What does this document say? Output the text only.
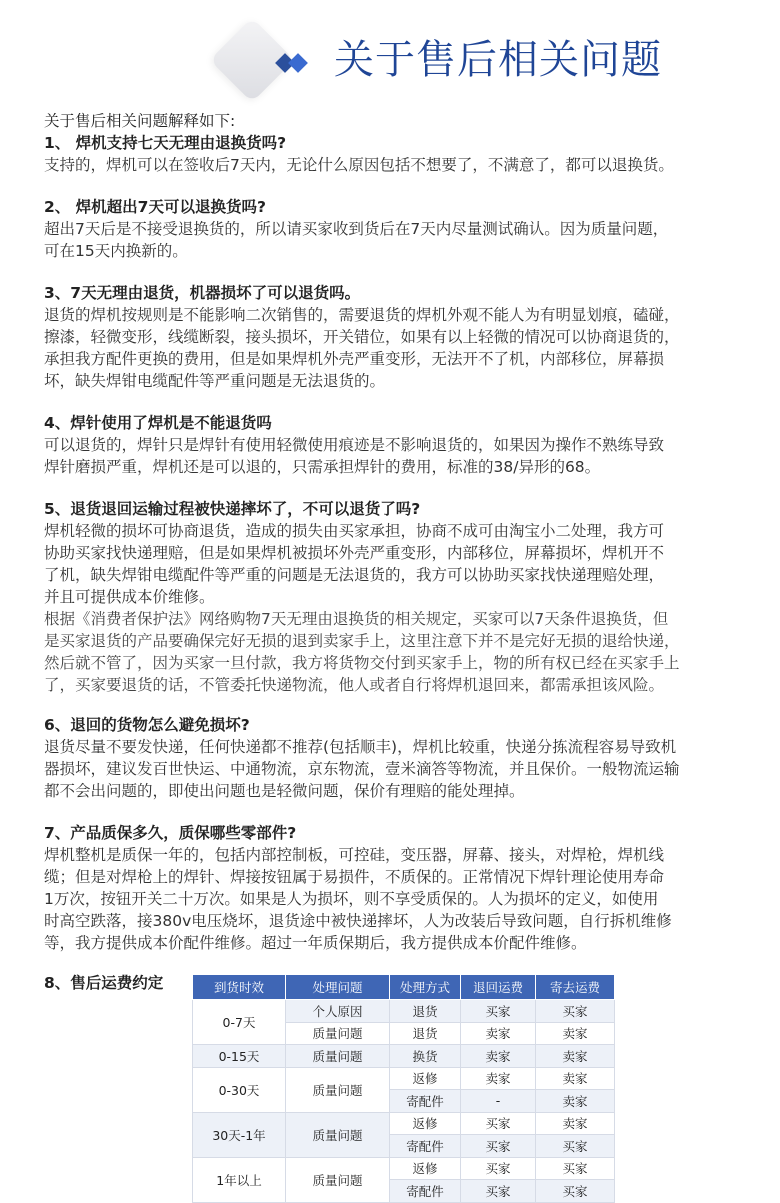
关于售后相关问题

关于售后相关问题解释如下:

1、 焊机支持七天无理由退换货吗?

支持的，焊机可以在签收后7天内，无论什么原因包括不想要了，不满意了，都可以退换货。

2、 焊机超出7天可以退换货吗?

超出7天后是不接受退换货的，所以请买家收到货后在7天内尽量测试确认。因为质量问题，

可在15天内换新的。

3、7天无理由退货，机器损坏了可以退货吗。

退货的焊机按规则是不能影响二次销售的，需要退货的焊机外观不能人为有明显划痕，磕碰，

擦漆，轻微变形，线缆断裂，接头损坏，开关错位，如果有以上轻微的情况可以协商退货的，

承担我方配件更换的费用，但是如果焊机外壳严重变形，无法开不了机，内部移位，屏幕损

坏，缺失焊钳电缆配件等严重问题是无法退货的。

4、焊针使用了焊机是不能退货吗

可以退货的，焊针只是焊针有使用轻微使用痕迹是不影响退货的，如果因为操作不熟练导致

焊针磨损严重，焊机还是可以退的，只需承担焊针的费用，标准的38/异形的68。

5、退货退回运输过程被快递摔坏了，不可以退货了吗?

焊机轻微的损坏可协商退货，造成的损失由买家承担，协商不成可由淘宝小二处理，我方可

协助买家找快递理赔，但是如果焊机被损坏外壳严重变形，内部移位，屏幕损坏，焊机开不

了机，缺失焊钳电缆配件等严重的问题是无法退货的，我方可以协助买家找快递理赔处理，

并且可提供成本价维修。

根据《消费者保护法》网络购物7天无理由退换货的相关规定，买家可以7天条件退换货，但

是买家退货的产品要确保完好无损的退到卖家手上，这里注意下并不是完好无损的退给快递，

然后就不管了，因为买家一旦付款，我方将货物交付到买家手上，物的所有权已经在买家手上

了，买家要退货的话，不管委托快递物流，他人或者自行将焊机退回来，都需承担该风险。

6、退回的货物怎么避免损坏?

退货尽量不要发快递，任何快递都不推荐(包括顺丰)，焊机比较重，快递分拣流程容易导致机

器损坏，建议发百世快运、中通物流，京东物流，壹米滴答等物流，并且保价。一般物流运输

都不会出问题的，即使出问题也是轻微问题，保价有理赔的能处理掉。

7、产品质保多久，质保哪些零部件?

焊机整机是质保一年的，包括内部控制板，可控硅，变压器，屏幕、接头，对焊枪，焊机线

缆；但是对焊枪上的焊针、焊接按钮属于易损件，不质保的。正常情况下焊针理论使用寿命

1万次，按钮开关二十万次。如果是人为损坏，则不享受质保的。人为损坏的定义，如使用

时高空跌落，接380v电压烧坏，退货途中被快递摔坏，人为改装后导致问题，自行拆机维修

等，我方提供成本价配件维修。超过一年质保期后，我方提供成本价配件维修。

8、售后运费约定	到货时效	处理问题	处理方式	退回运费	寄去运费
0-7天	个人原因	退货	买家	买家
	质量问题	退货	卖家	卖家
0-15天	质量问题	换货	卖家	卖家
0-30天	质量问题	返修	卖家	卖家
		寄配件	-	卖家
30天-1年	质量问题	返修	买家	卖家
		寄配件	买家	买家
1年以上	质量问题	返修	买家	买家
		寄配件	买家	买家
